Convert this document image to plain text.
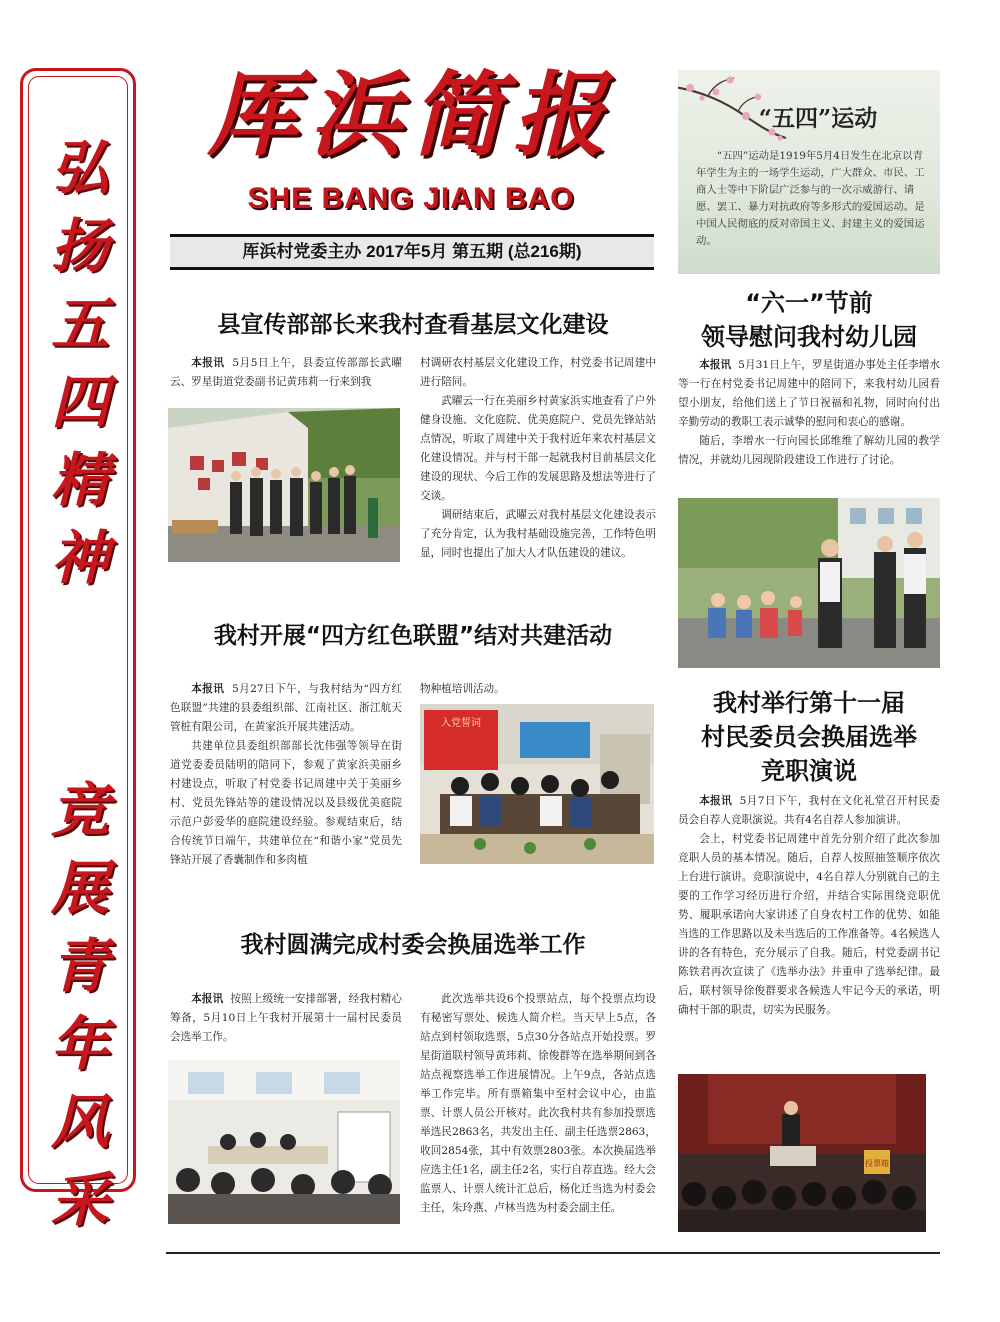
弘扬五四精神
竞展青年风采
厍浜简报
SHE BANG JIAN BAO
厍浜村党委主办 2017年5月 第五期 (总216期)
“五四”运动
“五四”运动是1919年5月4日发生在北京以青年学生为主的一场学生运动，广大群众、市民、工商人士等中下阶层广泛参与的一次示威游行、请愿、罢工、暴力对抗政府等多形式的爱国运动。是中国人民彻底的反对帝国主义、封建主义的爱国运动。
县宣传部部长来我村查看基层文化建设

本报讯 5月5日上午，县委宣传部部长武曜云、罗星街道党委副书记黄玮莉一行来到我

村调研农村基层文化建设工作，村党委书记周建中进行陪同。

武曜云一行在美丽乡村黄家浜实地查看了户外健身设施、文化庭院、优美庭院户、党员先锋站站点情况，听取了周建中关于我村近年来农村基层文化建设情况。并与村干部一起就我村目前基层文化建设的现状、今后工作的发展思路及想法等进行了交谈。

调研结束后，武曜云对我村基层文化建设表示了充分肯定，认为我村基础设施完善，工作特色明显，同时也提出了加大人才队伍建设的建议。

我村开展“四方红色联盟”结对共建活动

本报讯 5月27日下午，与我村结为“四方红色联盟”共建的县委组织部、江南社区、浙江航天管桩有限公司，在黄家浜开展共建活动。

共建单位县委组织部部长沈伟强等领导在街道党委委员陆明的陪同下，参观了黄家浜美丽乡村建设点，听取了村党委书记周建中关于美丽乡村、党员先锋站等的建设情况以及县级优美庭院示范户彭爱华的庭院建设经验。参观结束后，结合传统节日端午，共建单位在“和谐小家”党员先锋站开展了香囊制作和多肉植

物种植培训活动。

入党誓词
我村圆满完成村委会换届选举工作

本报讯 按照上级统一安排部署，经我村精心筹备，5月10日上午我村开展第十一届村民委员会选举工作。

此次选举共设6个投票站点，每个投票点均设有秘密写票处、候选人简介栏。当天早上5点，各站点到村领取选票，5点30分各站点开始投票。罗星街道联村领导黄玮莉、徐俊群等在选举期间到各站点视察选举工作进展情况。上午9点，各站点选举工作完毕。所有票箱集中至村会议中心，由监票、计票人员公开核对。此次我村共有参加投票选举选民2863名，共发出主任、副主任选票2863，收回2854张，其中有效票2803张。本次换届选举应选主任1名，副主任2名，实行自荐直选。经大会监票人、计票人统计汇总后，杨化迁当选为村委会主任，朱玲燕、卢林当选为村委会副主任。

“六一”节前
领导慰问我村幼儿园

本报讯 5月31日上午，罗星街道办事处主任李增水等一行在村党委书记周建中的陪同下，来我村幼儿园看望小朋友，给他们送上了节日祝福和礼物，同时向付出辛勤劳动的教职工表示诚挚的慰问和衷心的感谢。

随后，李增水一行向园长邱维维了解幼儿园的教学情况，并就幼儿园现阶段建设工作进行了讨论。

我村举行第十一届
村民委员会换届选举
竞职演说

本报讯 5月7日下午，我村在文化礼堂召开村民委员会自荐人竞职演说。共有4名自荐人参加演讲。

会上，村党委书记周建中首先分别介绍了此次参加竞职人员的基本情况。随后，自荐人按照抽签顺序依次上台进行演讲。竞职演说中，4名自荐人分别就自己的主要的工作学习经历进行介绍，并结合实际围绕竞职优势、履职承诺向大家讲述了自身农村工作的优势、如能当选的工作思路以及未当选后的工作准备等。4名候选人讲的各有特色，充分展示了自我。随后，村党委副书记陈铁君再次宣读了《选举办法》并重申了选举纪律。最后，联村领导徐俊群要求各候选人牢记今天的承诺，明确村干部的职责，切实为民服务。

投票箱
